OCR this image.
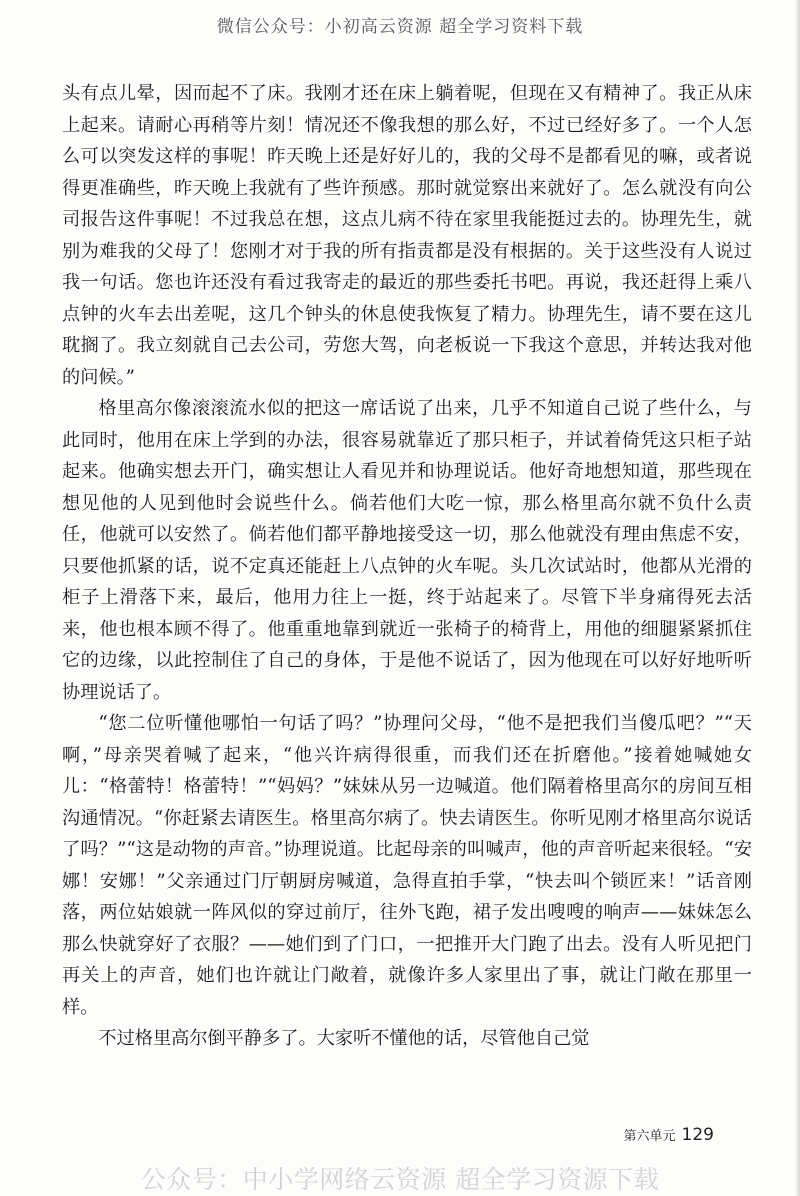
微信公众号：小初高云资源 超全学习资料下载

头有点儿晕，因而起不了床。我刚才还在床上躺着呢，但现在又有精神了。我正从床上起来。请耐心再稍等片刻！情况还不像我想的那么好，不过已经好多了。一个人怎么可以突发这样的事呢！昨天晚上还是好好儿的，我的父母不是都看见的嘛，或者说得更准确些，昨天晚上我就有了些许预感。那时就觉察出来就好了。怎么就没有向公司报告这件事呢！不过我总在想，这点儿病不待在家里我能挺过去的。协理先生，就别为难我的父母了！您刚才对于我的所有指责都是没有根据的。关于这些没有人说过我一句话。您也许还没有看过我寄走的最近的那些委托书吧。再说，我还赶得上乘八点钟的火车去出差呢，这几个钟头的休息使我恢复了精力。协理先生，请不要在这儿耽搁了。我立刻就自己去公司，劳您大驾，向老板说一下我这个意思，并转达我对他的问候。”

格里高尔像滚滚流水似的把这一席话说了出来，几乎不知道自己说了些什么，与此同时，他用在床上学到的办法，很容易就靠近了那只柜子，并试着倚凭这只柜子站起来。他确实想去开门，确实想让人看见并和协理说话。他好奇地想知道，那些现在想见他的人见到他时会说些什么。倘若他们大吃一惊，那么格里高尔就不负什么责任，他就可以安然了。倘若他们都平静地接受这一切，那么他就没有理由焦虑不安，只要他抓紧的话，说不定真还能赶上八点钟的火车呢。头几次试站时，他都从光滑的柜子上滑落下来，最后，他用力往上一挺，终于站起来了。尽管下半身痛得死去活来，他也根本顾不得了。他重重地靠到就近一张椅子的椅背上，用他的细腿紧紧抓住它的边缘，以此控制住了自己的身体，于是他不说话了，因为他现在可以好好地听听协理说话了。

“您二位听懂他哪怕一句话了吗？”协理问父母，“他不是把我们当傻瓜吧？”“天啊，”母亲哭着喊了起来，“他兴许病得很重，而我们还在折磨他。”接着她喊她女儿：“格蕾特！格蕾特！”“妈妈？”妹妹从另一边喊道。他们隔着格里高尔的房间互相沟通情况。“你赶紧去请医生。格里高尔病了。快去请医生。你听见刚才格里高尔说话了吗？”“这是动物的声音。”协理说道。比起母亲的叫喊声，他的声音听起来很轻。“安娜！安娜！”父亲通过门厅朝厨房喊道，急得直拍手掌，“快去叫个锁匠来！”话音刚落，两位姑娘就一阵风似的穿过前厅，往外飞跑，裙子发出嗖嗖的响声——妹妹怎么那么快就穿好了衣服？——她们到了门口，一把推开大门跑了出去。没有人听见把门再关上的声音，她们也许就让门敞着，就像许多人家里出了事，就让门敞在那里一样。

不过格里高尔倒平静多了。大家听不懂他的话，尽管他自己觉

第六单元 129
公众号：中小学网络云资源 超全学习资源下载
